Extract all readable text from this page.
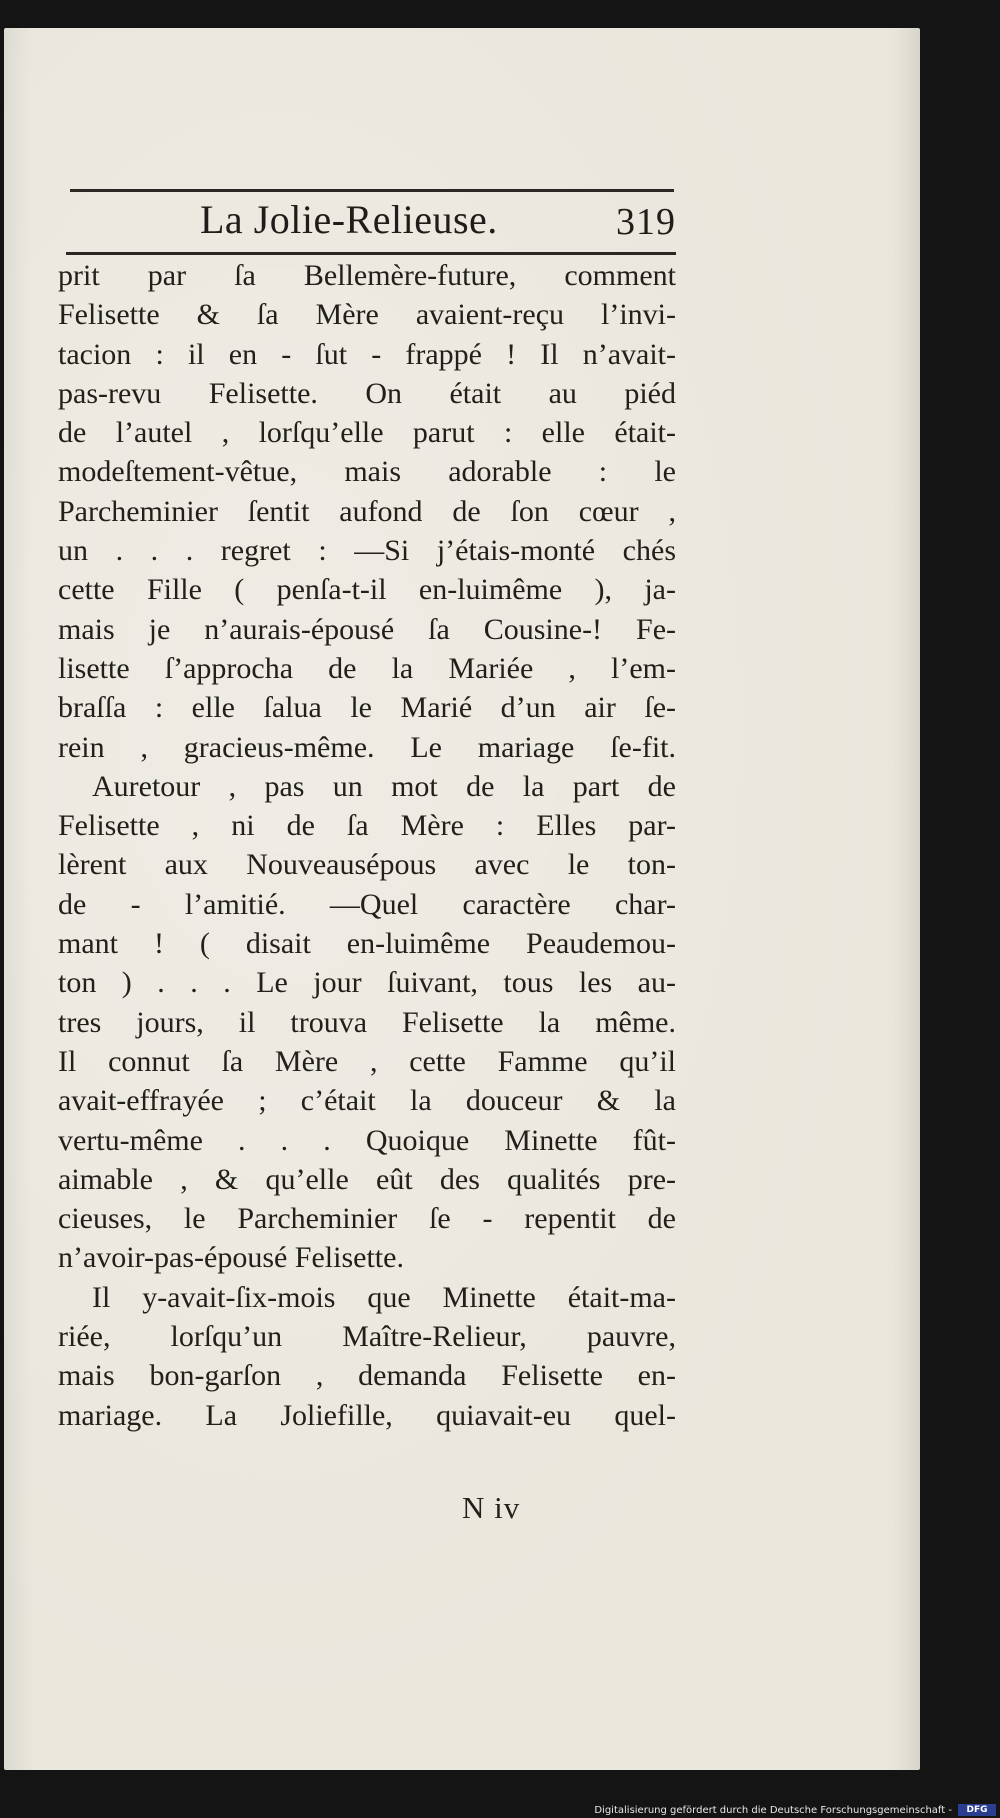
La Jolie-Relieuse.	319
prit par ſa Bellemère-future, comment
Felisette & ſa Mère avaient-reçu l’invi-
tacion : il en - ſut - frappé ! Il n’avait-
pas-revu Felisette. On était au piéd
de l’autel , lorſqu’elle parut : elle était-
modeſtement-vêtue, mais adorable : le
Parcheminier ſentit aufond de ſon cœur ,
un . . . regret : —Si j’étais-monté chés
cette Fille ( penſa-t-il en-luimême ), ja-
mais je n’aurais-épousé ſa Cousine-! Fe-
lisette ſ’approcha de la Mariée , l’em-
braſſa : elle ſalua le Marié d’un air ſe-
rein , gracieus-même. Le mariage ſe-fit.
Auretour , pas un mot de la part de
Felisette , ni de ſa Mère : Elles par-
lèrent aux Nouveausépous avec le ton-
de - l’amitié. —Quel caractère char-
mant ! ( disait en-luimême Peaudemou-
ton ) . . . Le jour ſuivant, tous les au-
tres jours, il trouva Felisette la même.
Il connut ſa Mère , cette Famme qu’il
avait-effrayée ; c’était la douceur & la
vertu-même . . . Quoique Minette fût-
aimable , & qu’elle eût des qualités pre-
cieuses, le Parcheminier ſe - repentit de
n’avoir-pas-épousé Felisette.
Il y-avait-ſix-mois que Minette était-ma-
riée, lorſqu’un Maître-Relieur, pauvre,
mais bon-garſon , demanda Felisette en-
mariage. La Joliefille, quiavait-eu quel-
N iv
Digitalisierung gefördert durch die Deutsche Forschungsgemeinschaft -	DFG
